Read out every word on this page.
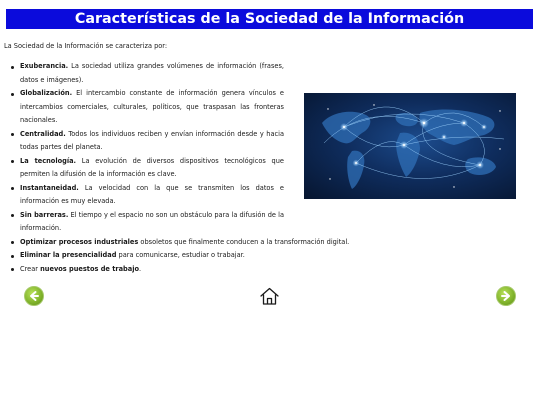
Características de la Sociedad de la Información
La Sociedad de la Información se caracteriza por:
Exuberancia. La sociedad utiliza grandes volúmenes de información (frases, datos e imágenes).
Globalización. El intercambio constante de información genera vínculos e intercambios comerciales, culturales, políticos, que traspasan las fronteras nacionales.
Centralidad. Todos los individuos reciben y envían información desde y hacia todas partes del planeta.
La tecnología. La evolución de diversos dispositivos tecnológicos que permiten la difusión de la información es clave.
Instantaneidad. La velocidad con la que se transmiten los datos e información es muy elevada.
Sin barreras. El tiempo y el espacio no son un obstáculo para la difusión de la información.
Optimizar procesos industriales obsoletos que finalmente conducen a la transformación digital.
Eliminar la presencialidad para comunicarse, estudiar o trabajar.
Crear nuevos puestos de trabajo.
